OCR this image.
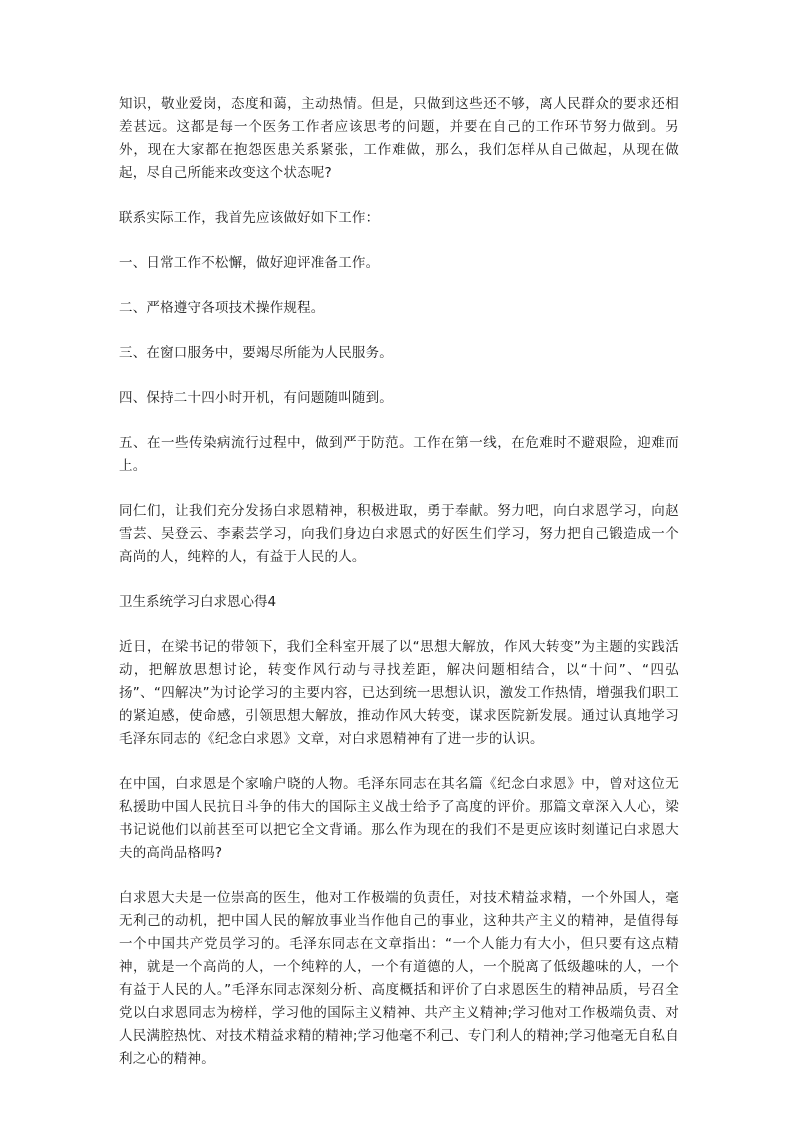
知识，敬业爱岗，态度和蔼，主动热情。但是，只做到这些还不够，离人民群众的要求还相差甚远。这都是每一个医务工作者应该思考的问题，并要在自己的工作环节努力做到。另外，现在大家都在抱怨医患关系紧张，工作难做，那么，我们怎样从自己做起，从现在做起，尽自己所能来改变这个状态呢?

联系实际工作，我首先应该做好如下工作：

一、日常工作不松懈，做好迎评准备工作。

二、严格遵守各项技术操作规程。

三、在窗口服务中，要竭尽所能为人民服务。

四、保持二十四小时开机，有问题随叫随到。

五、在一些传染病流行过程中，做到严于防范。工作在第一线，在危难时不避艰险，迎难而上。

同仁们，让我们充分发扬白求恩精神，积极进取，勇于奉献。努力吧，向白求恩学习，向赵雪芸、吴登云、李素芸学习，向我们身边白求恩式的好医生们学习，努力把自己锻造成一个高尚的人，纯粹的人，有益于人民的人。

卫生系统学习白求恩心得4

近日，在梁书记的带领下，我们全科室开展了以“思想大解放，作风大转变”为主题的实践活动，把解放思想讨论，转变作风行动与寻找差距，解决问题相结合，以“十问”、“四弘扬”、“四解决”为讨论学习的主要内容，已达到统一思想认识，激发工作热情，增强我们职工的紧迫感，使命感，引领思想大解放，推动作风大转变，谋求医院新发展。通过认真地学习毛泽东同志的《纪念白求恩》文章，对白求恩精神有了进一步的认识。

在中国，白求恩是个家喻户晓的人物。毛泽东同志在其名篇《纪念白求恩》中，曾对这位无私援助中国人民抗日斗争的伟大的国际主义战士给予了高度的评价。那篇文章深入人心，梁书记说他们以前甚至可以把它全文背诵。那么作为现在的我们不是更应该时刻谨记白求恩大夫的高尚品格吗?

白求恩大夫是一位崇高的医生，他对工作极端的负责任，对技术精益求精，一个外国人，毫无利己的动机，把中国人民的解放事业当作他自己的事业，这种共产主义的精神，是值得每一个中国共产党员学习的。毛泽东同志在文章指出：“一个人能力有大小，但只要有这点精神，就是一个高尚的人，一个纯粹的人，一个有道德的人，一个脱离了低级趣味的人，一个有益于人民的人。”毛泽东同志深刻分析、高度概括和评价了白求恩医生的精神品质，号召全党以白求恩同志为榜样，学习他的国际主义精神、共产主义精神;学习他对工作极端负责、对人民满腔热忱、对技术精益求精的精神;学习他毫不利己、专门利人的精神;学习他毫无自私自利之心的精神。
